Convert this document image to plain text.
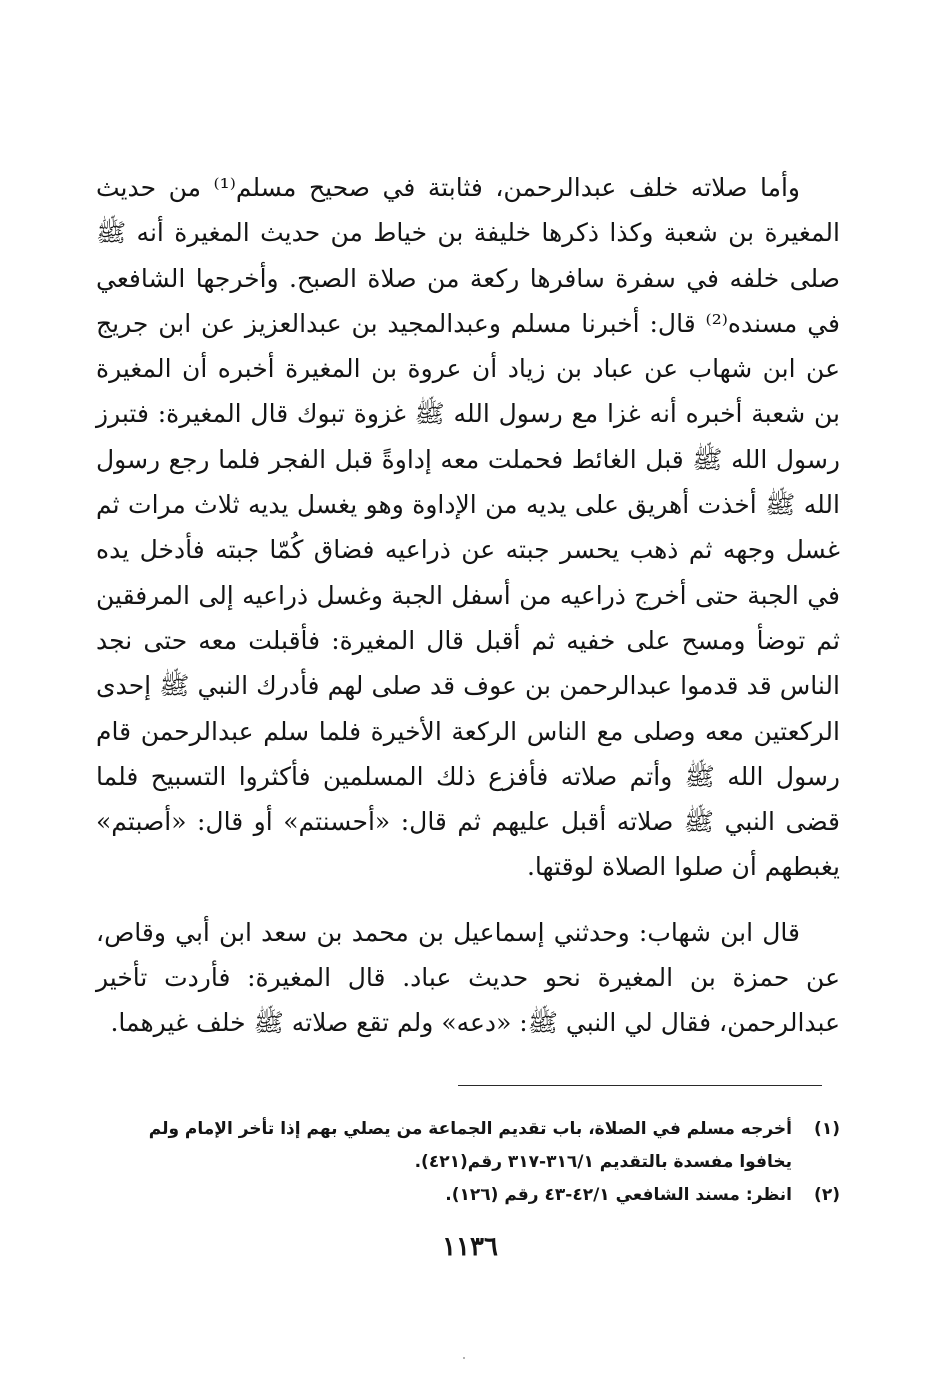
وأما صلاته خلف عبدالرحمن، فثابتة في صحيح مسلم⁽¹⁾ من حديث المغيرة بن شعبة وكذا ذكرها خليفة بن خياط من حديث المغيرة أنه ﷺ صلى خلفه في سفرة سافرها ركعة من صلاة الصبح. وأخرجها الشافعي في مسنده⁽²⁾ قال: أخبرنا مسلم وعبدالمجيد بن عبدالعزيز عن ابن جريج عن ابن شهاب عن عباد بن زياد أن عروة بن المغيرة أخبره أن المغيرة بن شعبة أخبره أنه غزا مع رسول الله ﷺ غزوة تبوك قال المغيرة: فتبرز رسول الله ﷺ قبل الغائط فحملت معه إداوةً قبل الفجر فلما رجع رسول الله ﷺ أخذت أهريق على يديه من الإداوة وهو يغسل يديه ثلاث مرات ثم غسل وجهه ثم ذهب يحسر جبته عن ذراعيه فضاق كُمّا جبته فأدخل يده في الجبة حتى أخرج ذراعيه من أسفل الجبة وغسل ذراعيه إلى المرفقين ثم توضأ ومسح على خفيه ثم أقبل قال المغيرة: فأقبلت معه حتى نجد الناس قد قدموا عبدالرحمن بن عوف قد صلى لهم فأدرك النبي ﷺ إحدى الركعتين معه وصلى مع الناس الركعة الأخيرة فلما سلم عبدالرحمن قام رسول الله ﷺ وأتم صلاته فأفزع ذلك المسلمين فأكثروا التسبيح فلما قضى النبي ﷺ صلاته أقبل عليهم ثم قال: «أحسنتم» أو قال: «أصبتم» يغبطهم أن صلوا الصلاة لوقتها.

قال ابن شهاب: وحدثني إسماعيل بن محمد بن سعد ابن أبي وقاص، عن حمزة بن المغيرة نحو حديث عباد. قال المغيرة: فأردت تأخير عبدالرحمن، فقال لي النبي ﷺ: «دعه» ولم تقع صلاته ﷺ خلف غيرهما.

(١)
أخرجه مسلم في الصلاة، باب تقديم الجماعة من يصلي بهم إذا تأخر الإمام ولم يخافوا مفسدة بالتقديم ٣١٦/١-٣١٧ رقم(٤٢١).
(٢)
انظر: مسند الشافعي ٤٢/١-٤٣ رقم (١٢٦).
١١٣٦
